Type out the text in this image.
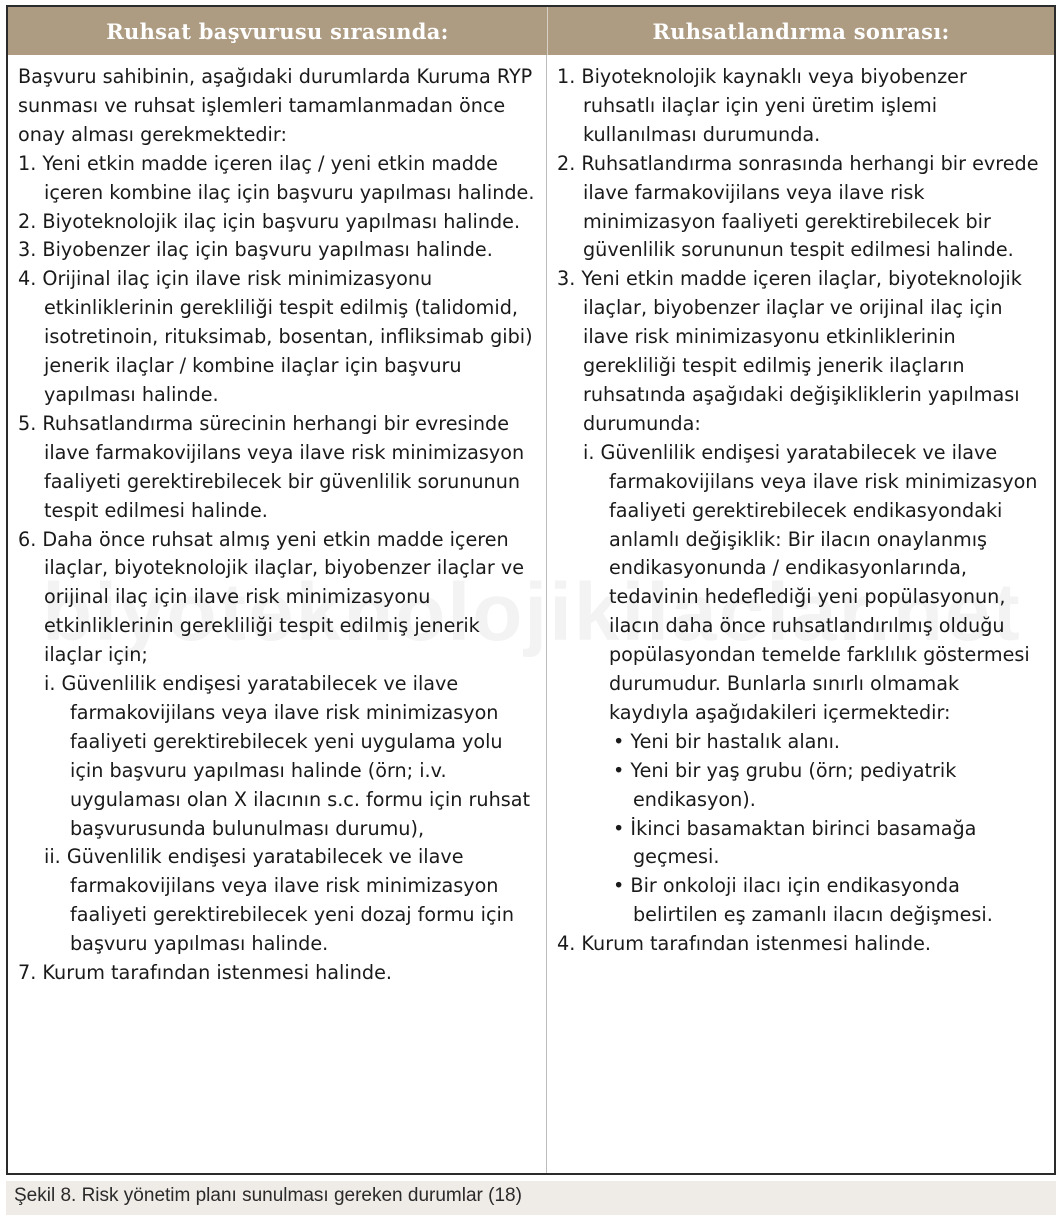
Ruhsat başvurusu sırasında:	Ruhsatlandırma sonrası:

Başvuru sahibinin, aşağıdaki durumlarda Kuruma RYP sunması ve ruhsat işlemleri tamamlanmadan önce onay alması gerekmektedir:

1. Yeni etkin madde içeren ilaç / yeni etkin madde içeren kombine ilaç için başvuru yapılması halinde.

2. Biyoteknolojik ilaç için başvuru yapılması halinde.

3. Biyobenzer ilaç için başvuru yapılması halinde.

4. Orijinal ilaç için ilave risk minimizasyonu etkinliklerinin gerekliliği tespit edilmiş (talidomid, isotretinoin, rituksimab, bosentan, infliksimab gibi) jenerik ilaçlar / kombine ilaçlar için başvuru yapılması halinde.

5. Ruhsatlandırma sürecinin herhangi bir evresinde ilave farmakovijilans veya ilave risk minimizasyon faaliyeti gerektirebilecek bir güvenlilik sorununun tespit edilmesi halinde.

6. Daha önce ruhsat almış yeni etkin madde içeren ilaçlar, biyoteknolojik ilaçlar, biyobenzer ilaçlar ve orijinal ilaç için ilave risk minimizasyonu etkinliklerinin gerekliliği tespit edilmiş jenerik ilaçlar için;

i. Güvenlilik endişesi yaratabilecek ve ilave farmakovijilans veya ilave risk minimizasyon faaliyeti gerektirebilecek yeni uygulama yolu için başvuru yapılması halinde (örn; i.v. uygulaması olan X ilacının s.c. formu için ruhsat başvurusunda bulunulması durumu),

ii. Güvenlilik endişesi yaratabilecek ve ilave farmakovijilans veya ilave risk minimizasyon faaliyeti gerektirebilecek yeni dozaj formu için başvuru yapılması halinde.

7. Kurum tarafından istenmesi halinde.

1. Biyoteknolojik kaynaklı veya biyobenzer ruhsatlı ilaçlar için yeni üretim işlemi kullanılması durumunda.

2. Ruhsatlandırma sonrasında herhangi bir evrede ilave farmakovijilans veya ilave risk minimizasyon faaliyeti gerektirebilecek bir güvenlilik sorununun tespit edilmesi halinde.

3. Yeni etkin madde içeren ilaçlar, biyoteknolojik ilaçlar, biyobenzer ilaçlar ve orijinal ilaç için ilave risk minimizasyonu etkinliklerinin gerekliliği tespit edilmiş jenerik ilaçların ruhsatında aşağıdaki değişikliklerin yapılması durumunda:

i. Güvenlilik endişesi yaratabilecek ve ilave farmakovijilans veya ilave risk minimizasyon faaliyeti gerektirebilecek endikasyondaki anlamlı değişiklik: Bir ilacın onaylanmış endikasyonunda / endikasyonlarında, tedavinin hedeflediği yeni popülasyonun, ilacın daha önce ruhsatlandırılmış olduğu popülasyondan temelde farklılık göstermesi durumudur. Bunlarla sınırlı olmamak kaydıyla aşağıdakileri içermektedir:

• Yeni bir hastalık alanı.

• Yeni bir yaş grubu (örn; pediyatrik endikasyon).

• İkinci basamaktan birinci basamağa geçmesi.

• Bir onkoloji ilacı için endikasyonda belirtilen eş zamanlı ilacın değişmesi.

4. Kurum tarafından istenmesi halinde.

Şekil 8. Risk yönetim planı sunulması gereken durumlar (18)
